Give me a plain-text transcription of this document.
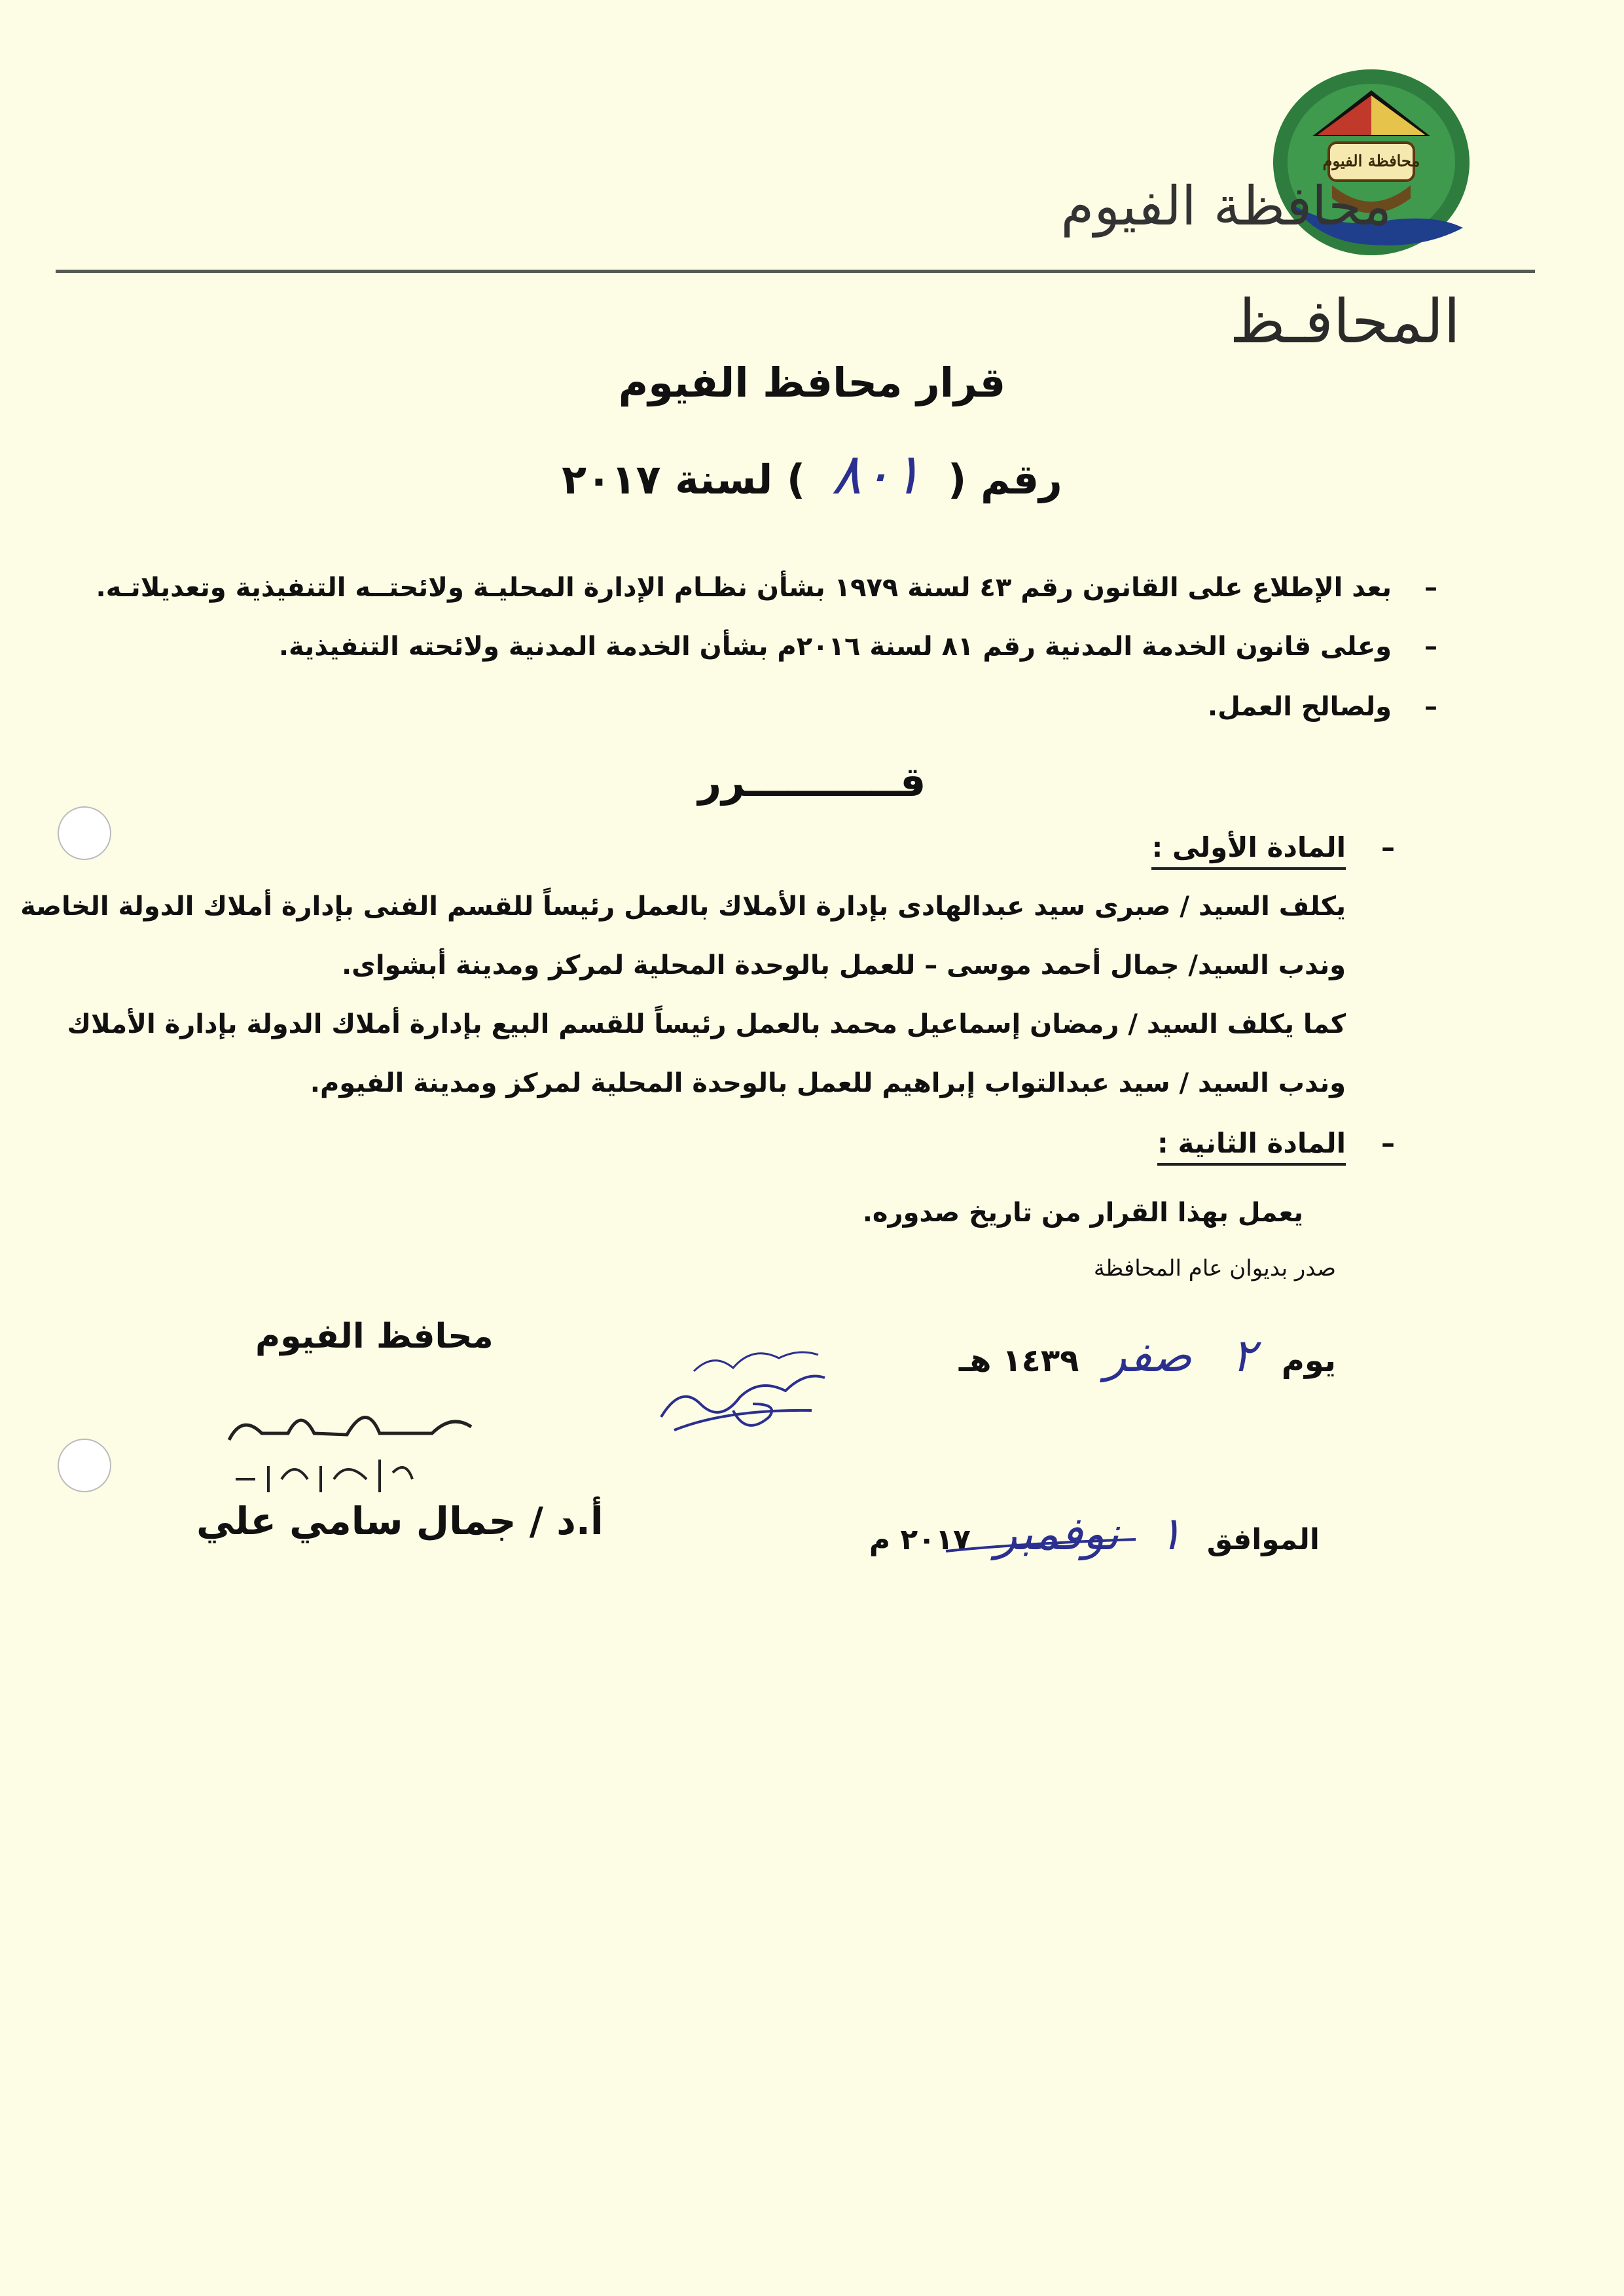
محافظة الفيوم
محافظة الفيوم
المحافـظ
قرار محافظ الفيوم
رقم ( ٨٠١ ) لسنة ٢٠١٧
–
بعد الإطلاع على القانون رقم ٤٣ لسنة ١٩٧٩ بشأن نظـام الإدارة المحليـة ولائحتــه التنفيذية وتعديلاتـه.
–
وعلى قانون الخدمة المدنية رقم ٨١ لسنة ٢٠١٦م بشأن الخدمة المدنية ولائحته التنفيذية.
–
ولصالح العمل.
قـــــــــــرر
–
المادة الأولى :
يكلف السيد / صبرى سيد عبدالهادى بإدارة الأملاك بالعمل رئيساً للقسم الفنى بإدارة أملاك الدولة الخاصة
وندب السيد/ جمال أحمد موسى – للعمل بالوحدة المحلية لمركز ومدينة أبشواى.
كما يكلف السيد / رمضان إسماعيل محمد بالعمل رئيساً للقسم البيع بإدارة أملاك الدولة بإدارة الأملاك
وندب السيد / سيد عبدالتواب إبراهيم للعمل بالوحدة المحلية لمركز ومدينة الفيوم.
–
المادة الثانية :
يعمل بهذا القرار من تاريخ صدوره.
صدر بديوان عام المحافظة
يوم ٢ صفر ١٤٣٩ هـ
الموافق ١ نوفمبر ٢٠١٧ م
محافظ الفيوم
أ.د / جمال سامي علي
